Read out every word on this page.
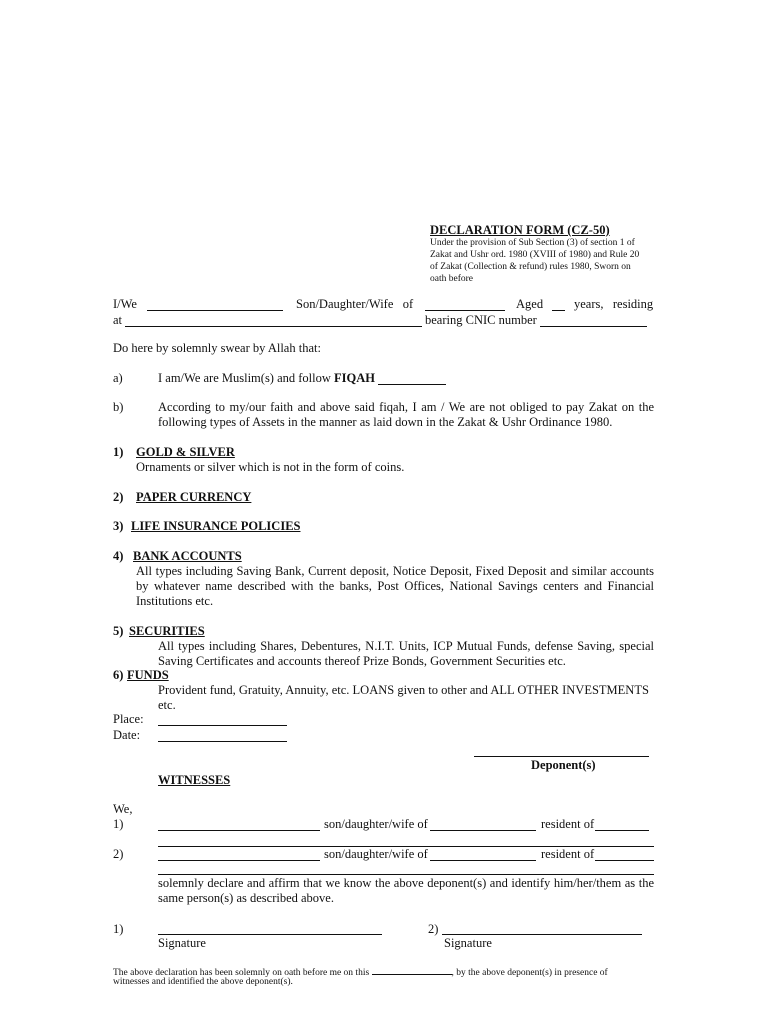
DECLARATION FORM (CZ-50)
Under the provision of Sub Section (3) of section 1 of
Zakat and Ushr ord. 1980 (XVIII of 1980) and Rule 20
of Zakat (Collection & refund) rules 1980, Sworn on
oath before
I/We	Son/Daughter/Wife   of	Aged years,   residing
at	bearing CNIC number
Do here by solemnly swear by Allah that:
a)	I am/We are Muslim(s) and follow FIQAH
b)	According to my/our faith and above said fiqah, I am / We are not obliged to pay Zakat on the following types of Assets in the manner as laid down in the Zakat & Ushr Ordinance 1980.
1) GOLD & SILVER
Ornaments or silver which is not in the form of coins.
2) PAPER CURRENCY
3) LIFE INSURANCE POLICIES
4) BANK ACCOUNTS
All types including Saving Bank, Current deposit, Notice Deposit, Fixed Deposit and similar accounts by whatever name described with the banks, Post Offices, National Savings centers and Financial Institutions etc.
5) SECURITIES
All types including Shares, Debentures, N.I.T. Units, ICP Mutual Funds, defense Saving, special Saving Certificates and accounts thereof Prize Bonds, Government Securities etc.
6) FUNDS
Provident fund, Gratuity, Annuity, etc. LOANS given to other and ALL OTHER INVESTMENTS etc.
Place:
Date:
Deponent(s)
WITNESSES
We,
1)	son/daughter/wife of	resident of
2)	son/daughter/wife of	resident of
solemnly declare and affirm that we know the above deponent(s) and identify him/her/them as the same person(s) as described above.
1)
Signature
2)
Signature
The above declaration has been solemnly on oath before me on this	, by the above deponent(s) in presence of
witnesses and identified the above deponent(s).
